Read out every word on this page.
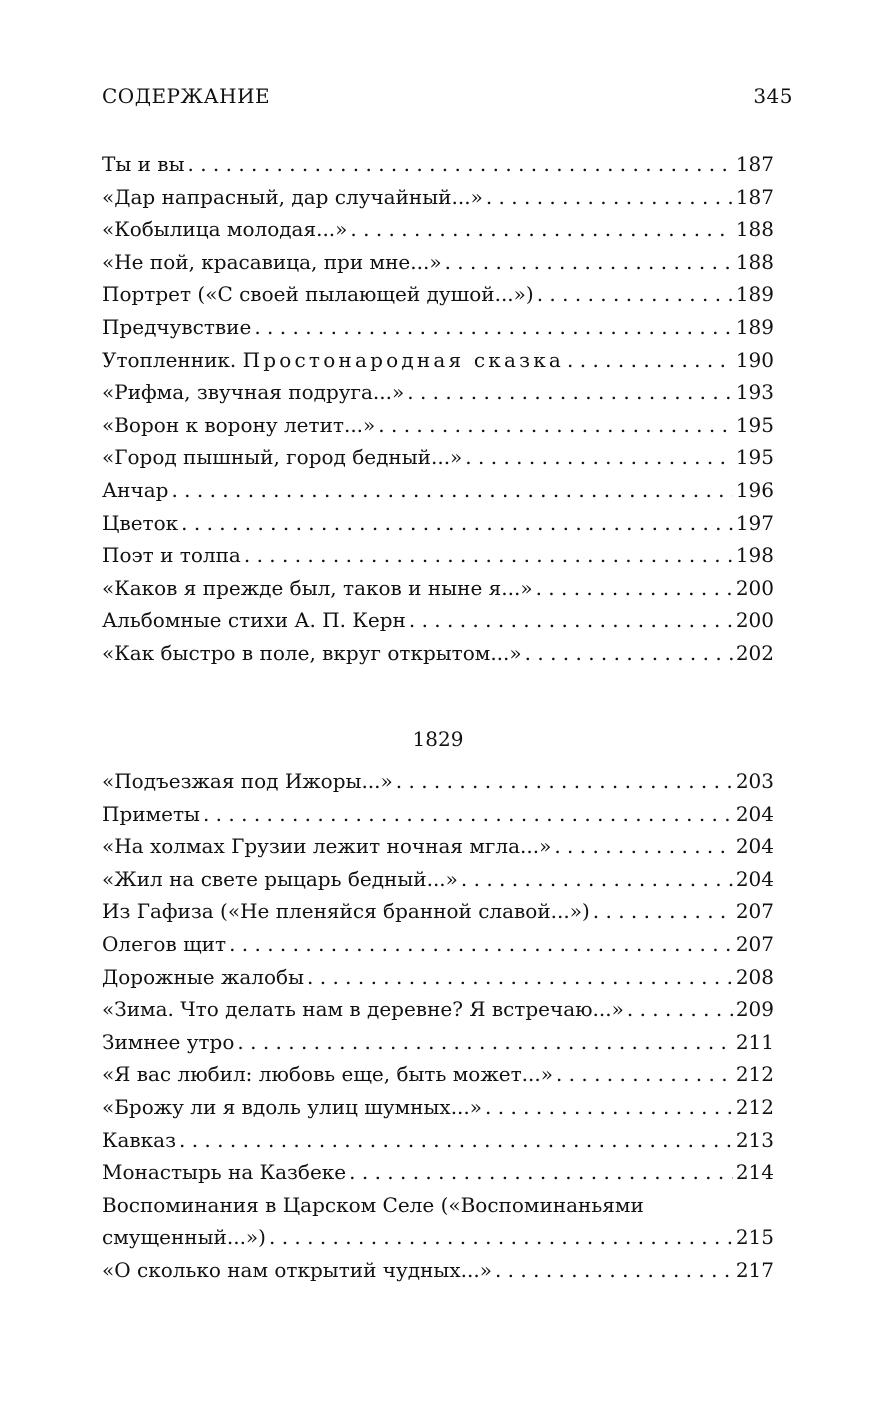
СОДЕРЖАНИЕ	345
Ты и вы . . .	187
«Дар напрасный, дар случайный...» . . .	187
«Кобылица молодая...» . . .	188
«Не пой, красавица, при мне...» . . .	188
Портрет («С своей пылающей душой...») . . .	189
Предчувствие . . .	189
Утопленник. Простонародная сказка . . .	190
«Рифма, звучная подруга...» . . .	193
«Ворон к ворону летит...» . . .	195
«Город пышный, город бедный...» . . .	195
Анчар . . .	196
Цветок . . .	197
Поэт и толпа . . .	198
«Каков я прежде был, таков и ныне я...» . . .	200
Альбомные стихи А. П. Керн . . .	200
«Как быстро в поле, вкруг открытом...» . . .	202
1829
«Подъезжая под Ижоры...» . . .	203
Приметы . . .	204
«На холмах Грузии лежит ночная мгла...» . . .	204
«Жил на свете рыцарь бедный...» . . .	204
Из Гафиза («Не пленяйся бранной славой...») . . .	207
Олегов щит . . .	207
Дорожные жалобы . . .	208
«Зима. Что делать нам в деревне? Я встречаю...» . . .	209
Зимнее утро . . .	211
«Я вас любил: любовь еще, быть может...» . . .	212
«Брожу ли я вдоль улиц шумных...» . . .	212
Кавказ . . .	213
Монастырь на Казбеке . . .	214
Воспоминания в Царском Селе («Воспоминаньями
смущенный...») . . .	215
«О сколько нам открытий чудных...» . . .	217
